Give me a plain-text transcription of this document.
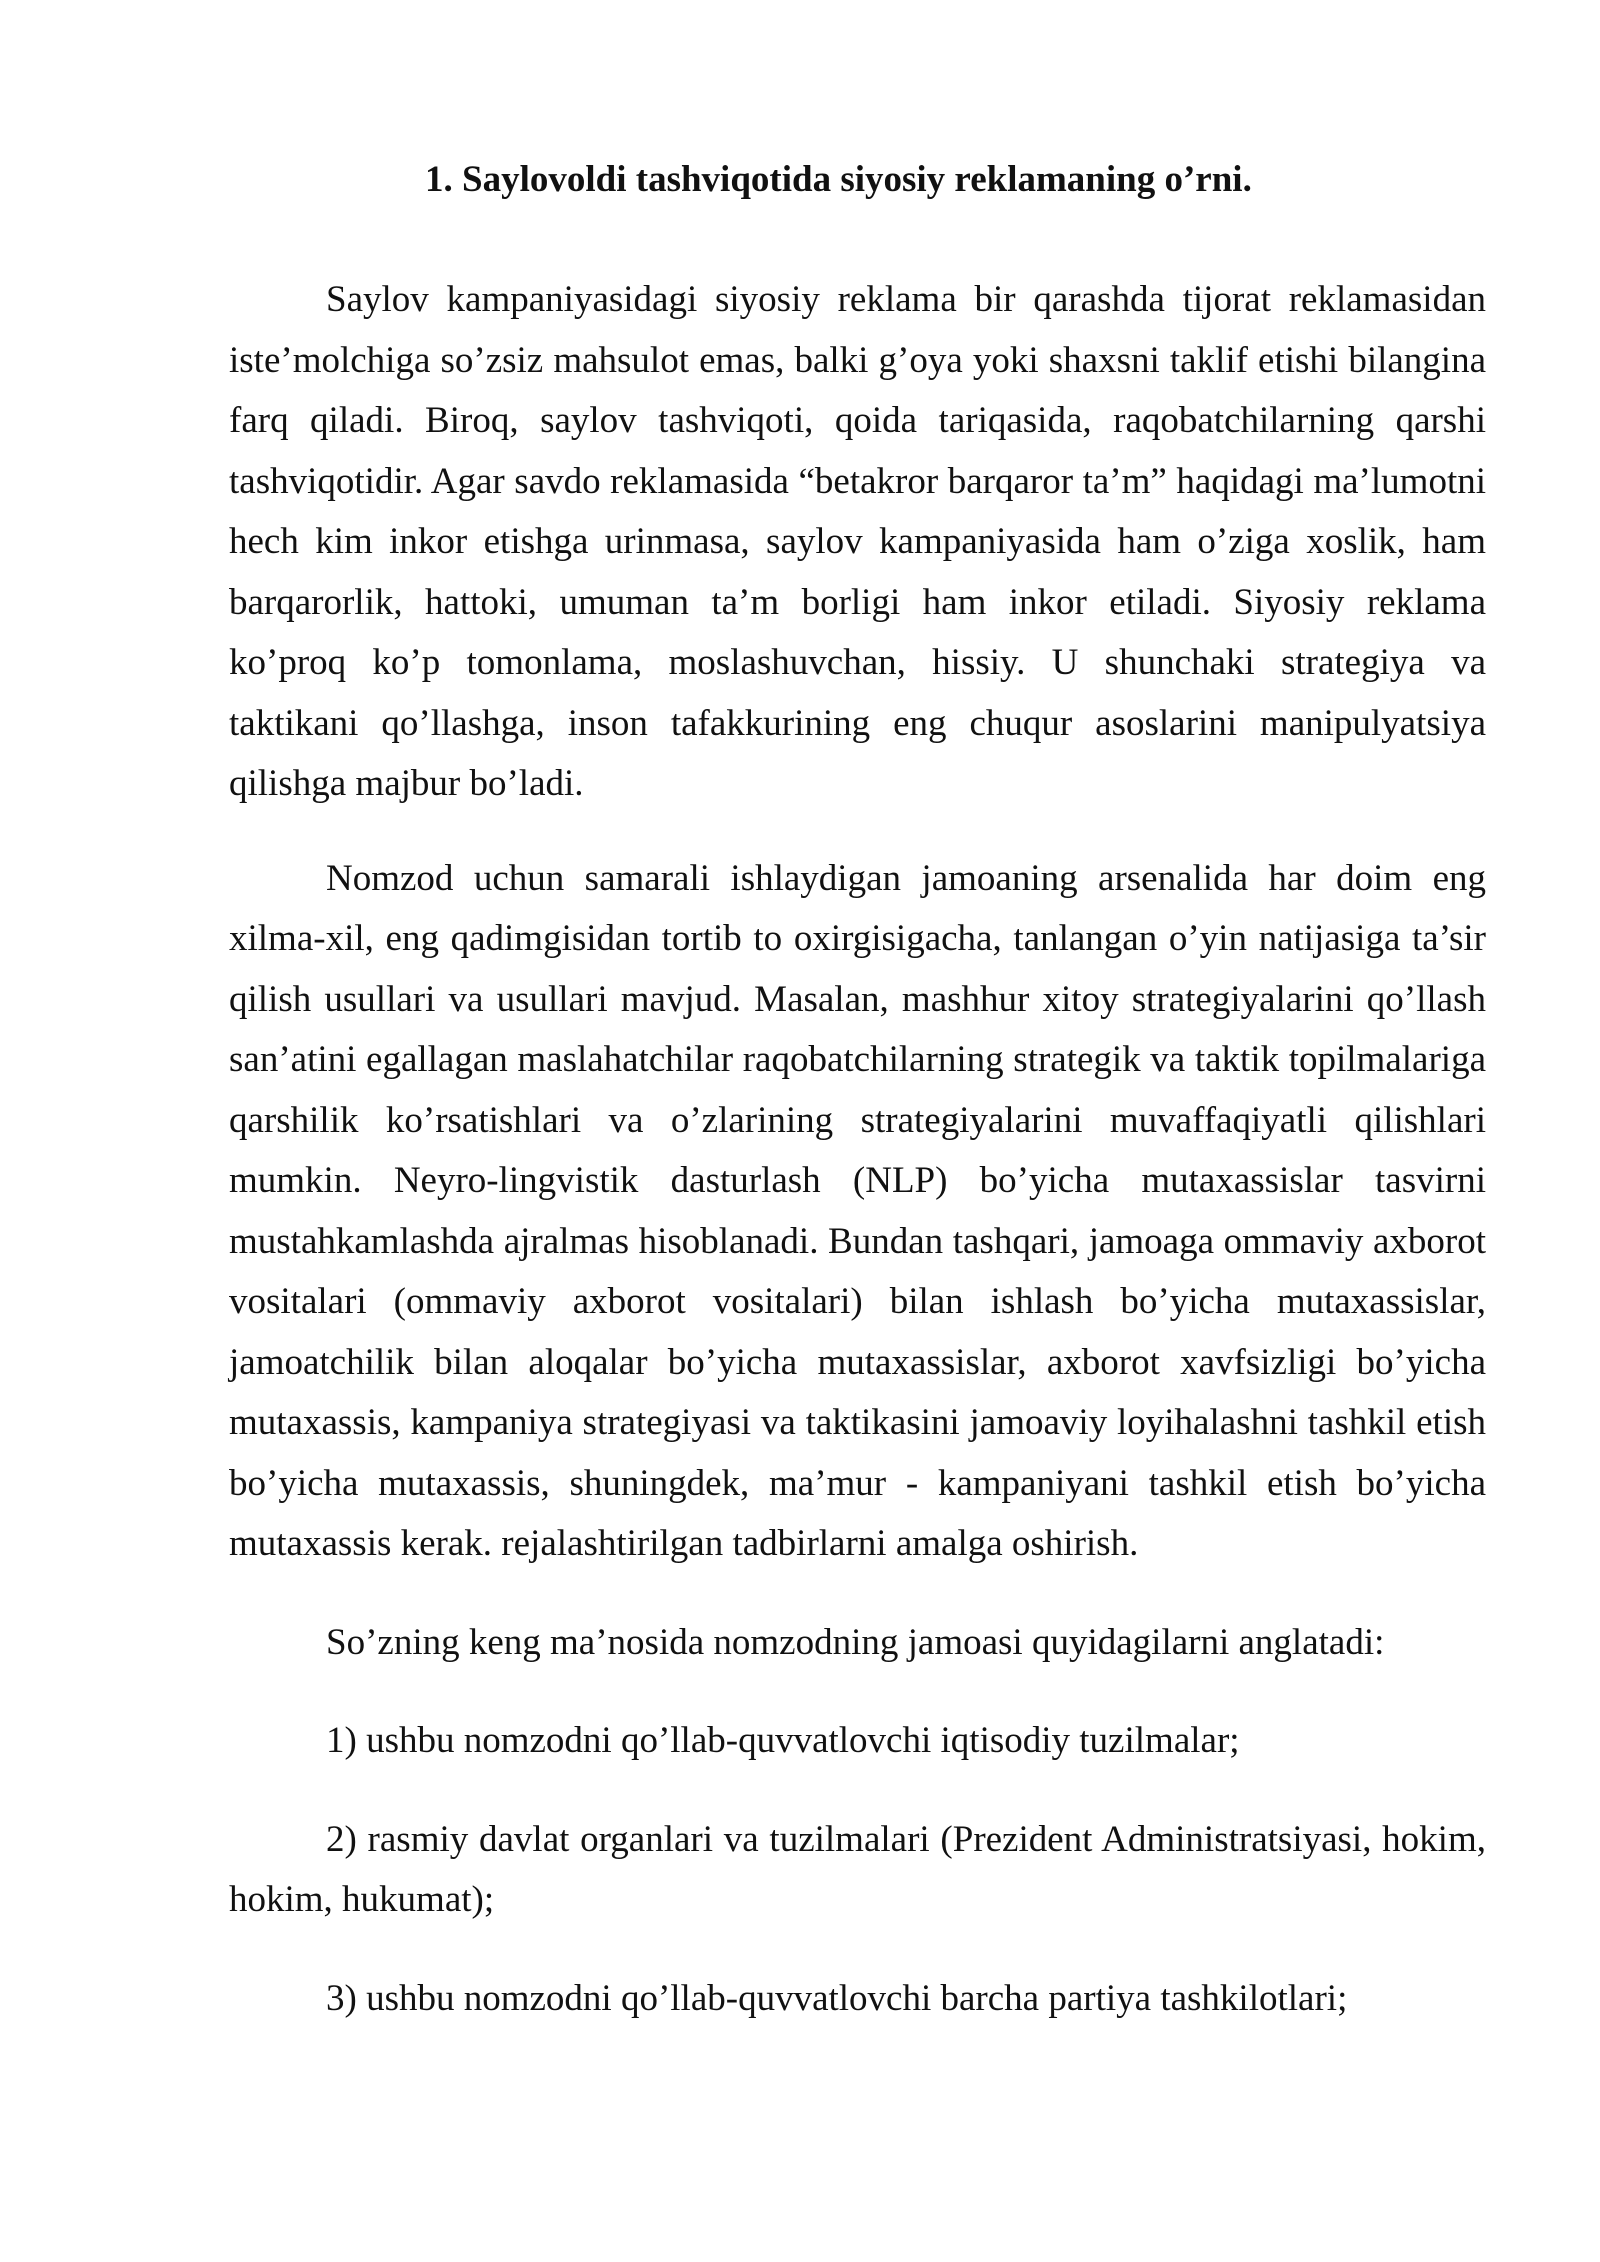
1. Saylovoldi tashviqotida siyosiy reklamaning o’rni.

Saylov kampaniyasidagi siyosiy reklama bir qarashda tijorat reklamasidan iste’molchiga so’zsiz mahsulot emas, balki g’oya yoki shaxsni taklif etishi bilangina farq qiladi. Biroq, saylov tashviqoti, qoida tariqasida, raqobatchilarning qarshi tashviqotidir. Agar savdo reklamasida “betakror barqaror ta’m” haqidagi ma’lumotni hech kim inkor etishga urinmasa, saylov kampaniyasida ham o’ziga xoslik, ham barqarorlik, hattoki, umuman ta’m borligi ham inkor etiladi. Siyosiy reklama ko’proq ko’p tomonlama, moslashuvchan, hissiy. U shunchaki strategiya va taktikani qo’llashga, inson tafakkurining eng chuqur asoslarini manipulyatsiya qilishga majbur bo’ladi.

Nomzod uchun samarali ishlaydigan jamoaning arsenalida har doim eng xilma-xil, eng qadimgisidan tortib to oxirgisigacha, tanlangan o’yin natijasiga ta’sir qilish usullari va usullari mavjud. Masalan, mashhur xitoy strategiyalarini qo’llash san’atini egallagan maslahatchilar raqobatchilarning strategik va taktik topilmalariga qarshilik ko’rsatishlari va o’zlarining strategiyalarini muvaffaqiyatli qilishlari mumkin. Neyro-lingvistik dasturlash (NLP) bo’yicha mutaxassislar tasvirni mustahkamlashda ajralmas hisoblanadi. Bundan tashqari, jamoaga ommaviy axborot vositalari (ommaviy axborot vositalari) bilan ishlash bo’yicha mutaxassislar, jamoatchilik bilan aloqalar bo’yicha mutaxassislar, axborot xavfsizligi bo’yicha mutaxassis, kampaniya strategiyasi va taktikasini jamoaviy loyihalashni tashkil etish bo’yicha mutaxassis, shuningdek, ma’mur - kampaniyani tashkil etish bo’yicha mutaxassis kerak. rejalashtirilgan tadbirlarni amalga oshirish.

So’zning keng ma’nosida nomzodning jamoasi quyidagilarni anglatadi:

1) ushbu nomzodni qo’llab-quvvatlovchi iqtisodiy tuzilmalar;

2) rasmiy davlat organlari va tuzilmalari (Prezident Administratsiyasi, hokim, hokim, hukumat);

3) ushbu nomzodni qo’llab-quvvatlovchi barcha partiya tashkilotlari;
